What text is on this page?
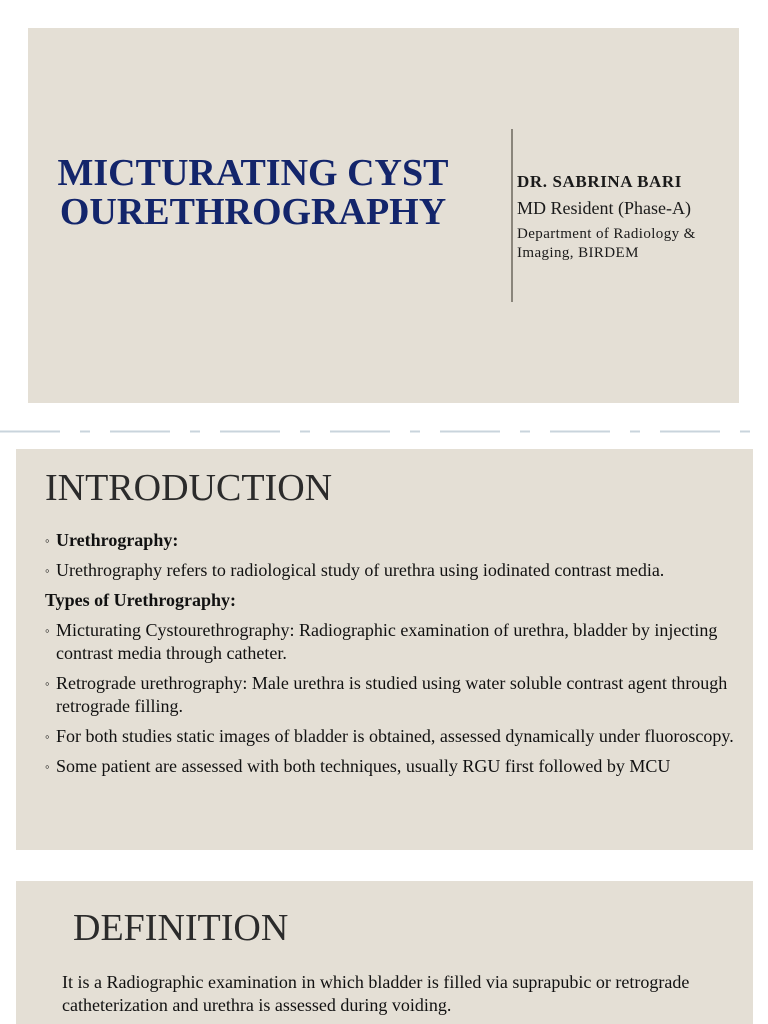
MICTURATING CYSTOURETHROGRAPHY
DR. SABRINA BARI
MD Resident (Phase-A)
Department of Radiology & Imaging, BIRDEM
INTRODUCTION
◦ Urethrography:
◦ Urethrography refers to radiological study of urethra using iodinated contrast media.
Types of Urethrography:
◦ Micturating Cystourethrography: Radiographic examination of urethra, bladder by injecting contrast media through catheter.
◦ Retrograde urethrography: Male urethra is studied using water soluble contrast agent through retrograde filling.
◦ For both studies static images of bladder is obtained, assessed dynamically under fluoroscopy.
◦ Some patient are assessed with both techniques, usually RGU first followed by MCU
DEFINITION
It is a Radiographic examination in which bladder is filled via suprapubic or retrograde catheterization and urethra is assessed during voiding.
